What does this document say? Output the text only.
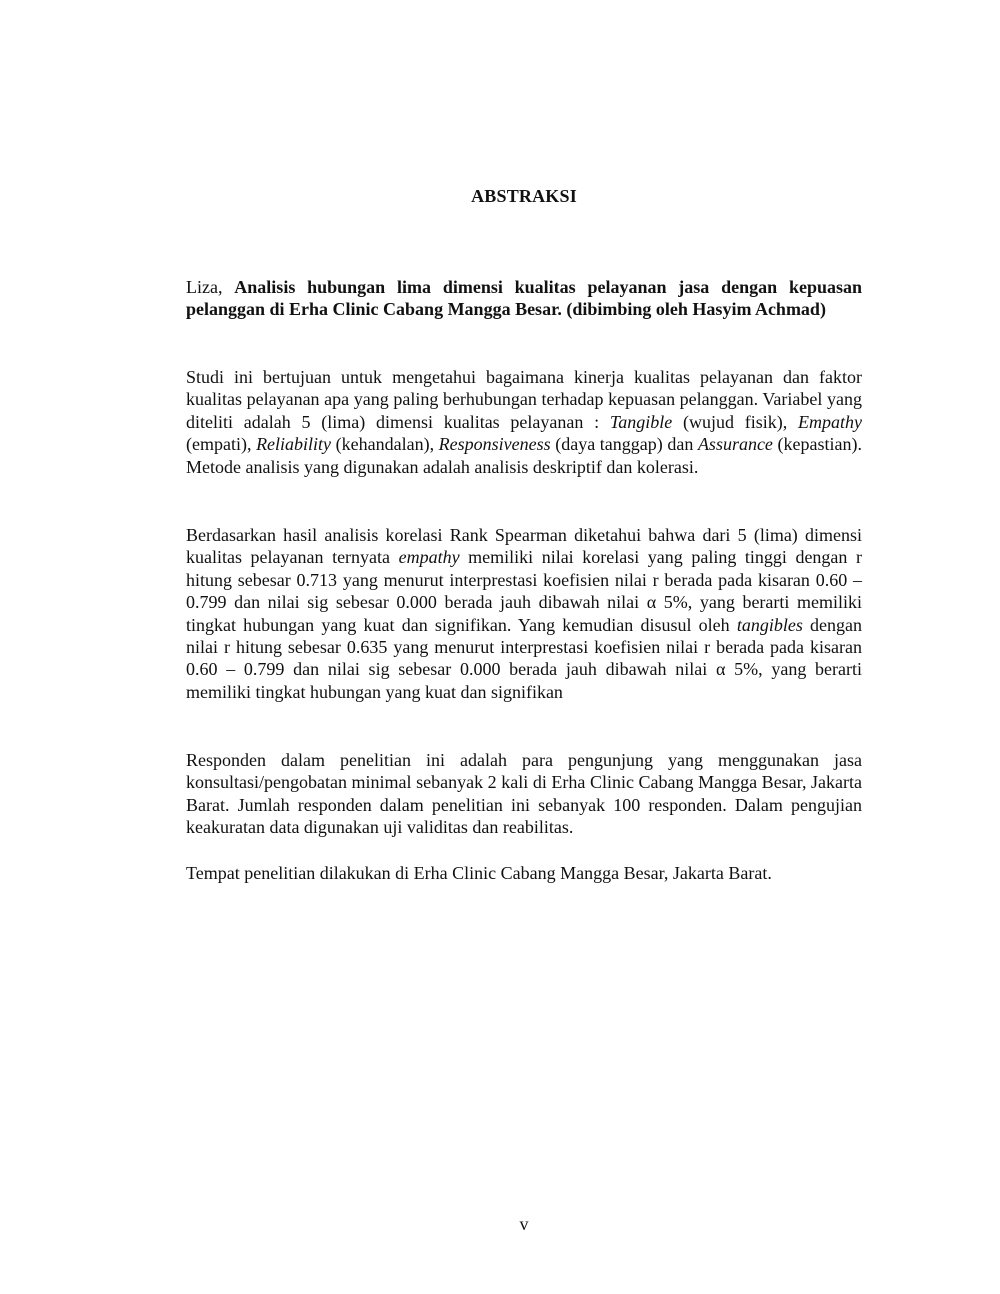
ABSTRAKSI

Liza, Analisis hubungan lima dimensi kualitas pelayanan jasa dengan kepuasan pelanggan di Erha Clinic Cabang Mangga Besar. (dibimbing oleh Hasyim Achmad)

Studi ini bertujuan untuk mengetahui bagaimana kinerja kualitas pelayanan dan faktor kualitas pelayanan apa yang paling berhubungan terhadap kepuasan pelanggan. Variabel yang diteliti adalah 5 (lima) dimensi kualitas pelayanan : Tangible (wujud fisik), Empathy (empati), Reliability (kehandalan), Responsiveness (daya tanggap) dan Assurance (kepastian). Metode analisis yang digunakan adalah analisis deskriptif dan kolerasi.

Berdasarkan hasil analisis korelasi Rank Spearman diketahui bahwa dari 5 (lima) dimensi kualitas pelayanan ternyata empathy memiliki nilai korelasi yang paling tinggi dengan r hitung sebesar 0.713 yang menurut interprestasi koefisien nilai r berada pada kisaran 0.60 – 0.799 dan nilai sig sebesar 0.000 berada jauh dibawah nilai α 5%, yang berarti memiliki tingkat hubungan yang kuat dan signifikan. Yang kemudian disusul oleh tangibles dengan nilai r hitung sebesar 0.635 yang menurut interprestasi koefisien nilai r berada pada kisaran 0.60 – 0.799 dan nilai sig sebesar 0.000 berada jauh dibawah nilai α 5%, yang berarti memiliki tingkat hubungan yang kuat dan signifikan

Responden dalam penelitian ini adalah para pengunjung yang menggunakan jasa konsultasi/pengobatan minimal sebanyak 2 kali di Erha Clinic Cabang Mangga Besar, Jakarta Barat. Jumlah responden dalam penelitian ini sebanyak 100 responden. Dalam pengujian keakuratan data digunakan uji validitas dan reabilitas.

Tempat penelitian dilakukan di Erha Clinic Cabang Mangga Besar, Jakarta Barat.

v
